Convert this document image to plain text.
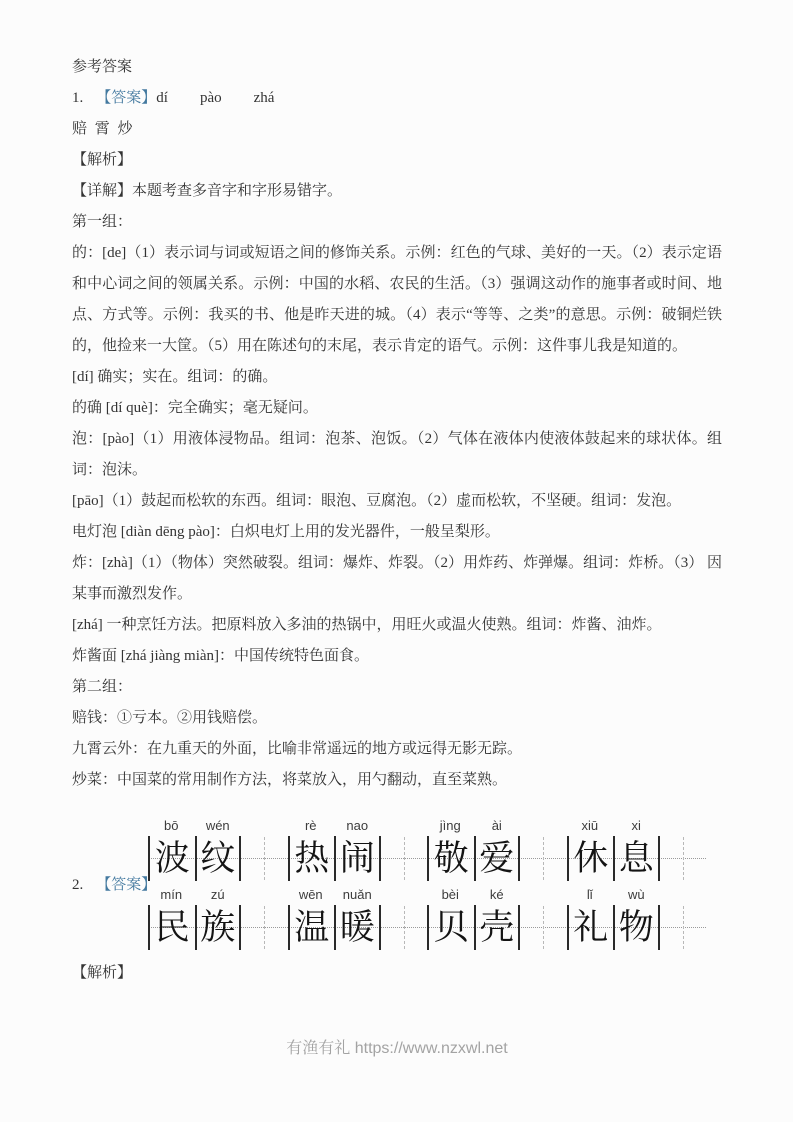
参考答案

1. 【答案】dí pào zhá

赔 霄 炒

【解析】

【详解】本题考查多音字和字形易错字。

第一组：

的：[de]（1）表示词与词或短语之间的修饰关系。示例：红色的气球、美好的一天。（2）表示定语和中心词之间的领属关系。示例：中国的水稻、农民的生活。（3）强调这动作的施事者或时间、地点、方式等。示例：我买的书、他是昨天进的城。（4）表示“等等、之类”的意思。示例：破铜烂铁的，他捡来一大筐。（5）用在陈述句的末尾，表示肯定的语气。示例：这件事儿我是知道的。

[dí] 确实；实在。组词：的确。

的确 [dí què]：完全确实；毫无疑问。

泡：[pào]（1）用液体浸物品。组词：泡茶、泡饭。（2）气体在液体内使液体鼓起来的球状体。组词：泡沫。

[pāo]（1）鼓起而松软的东西。组词：眼泡、豆腐泡。（2）虚而松软，不坚硬。组词：发泡。

电灯泡 [diàn dēng pào]：白炽电灯上用的发光器件，一般呈梨形。

炸：[zhà]（1）（物体）突然破裂。组词：爆炸、炸裂。（2）用炸药、炸弹爆。组词：炸桥。（3） 因某事而激烈发作。

[zhá] 一种烹饪方法。把原料放入多油的热锅中，用旺火或温火使熟。组词：炸酱、油炸。

炸酱面 [zhá jiàng miàn]：中国传统特色面食。

第二组：

赔钱：①亏本。②用钱赔偿。

九霄云外：在九重天的外面，比喻非常遥远的地方或远得无影无踪。

炒菜：中国菜的常用制作方法，将菜放入，用勺翻动，直至菜熟。

2. 【答案】
bō
波
wén
纹
rè
热
nao
闹
jìng
敬
ài
爱
xiū
休
xi
息
mín
民
zú
族
wēn
温
nuǎn
暖
bèi
贝
ké
壳
lǐ
礼
wù
物

【解析】

有渔有礼 https://www.nzxwl.net
